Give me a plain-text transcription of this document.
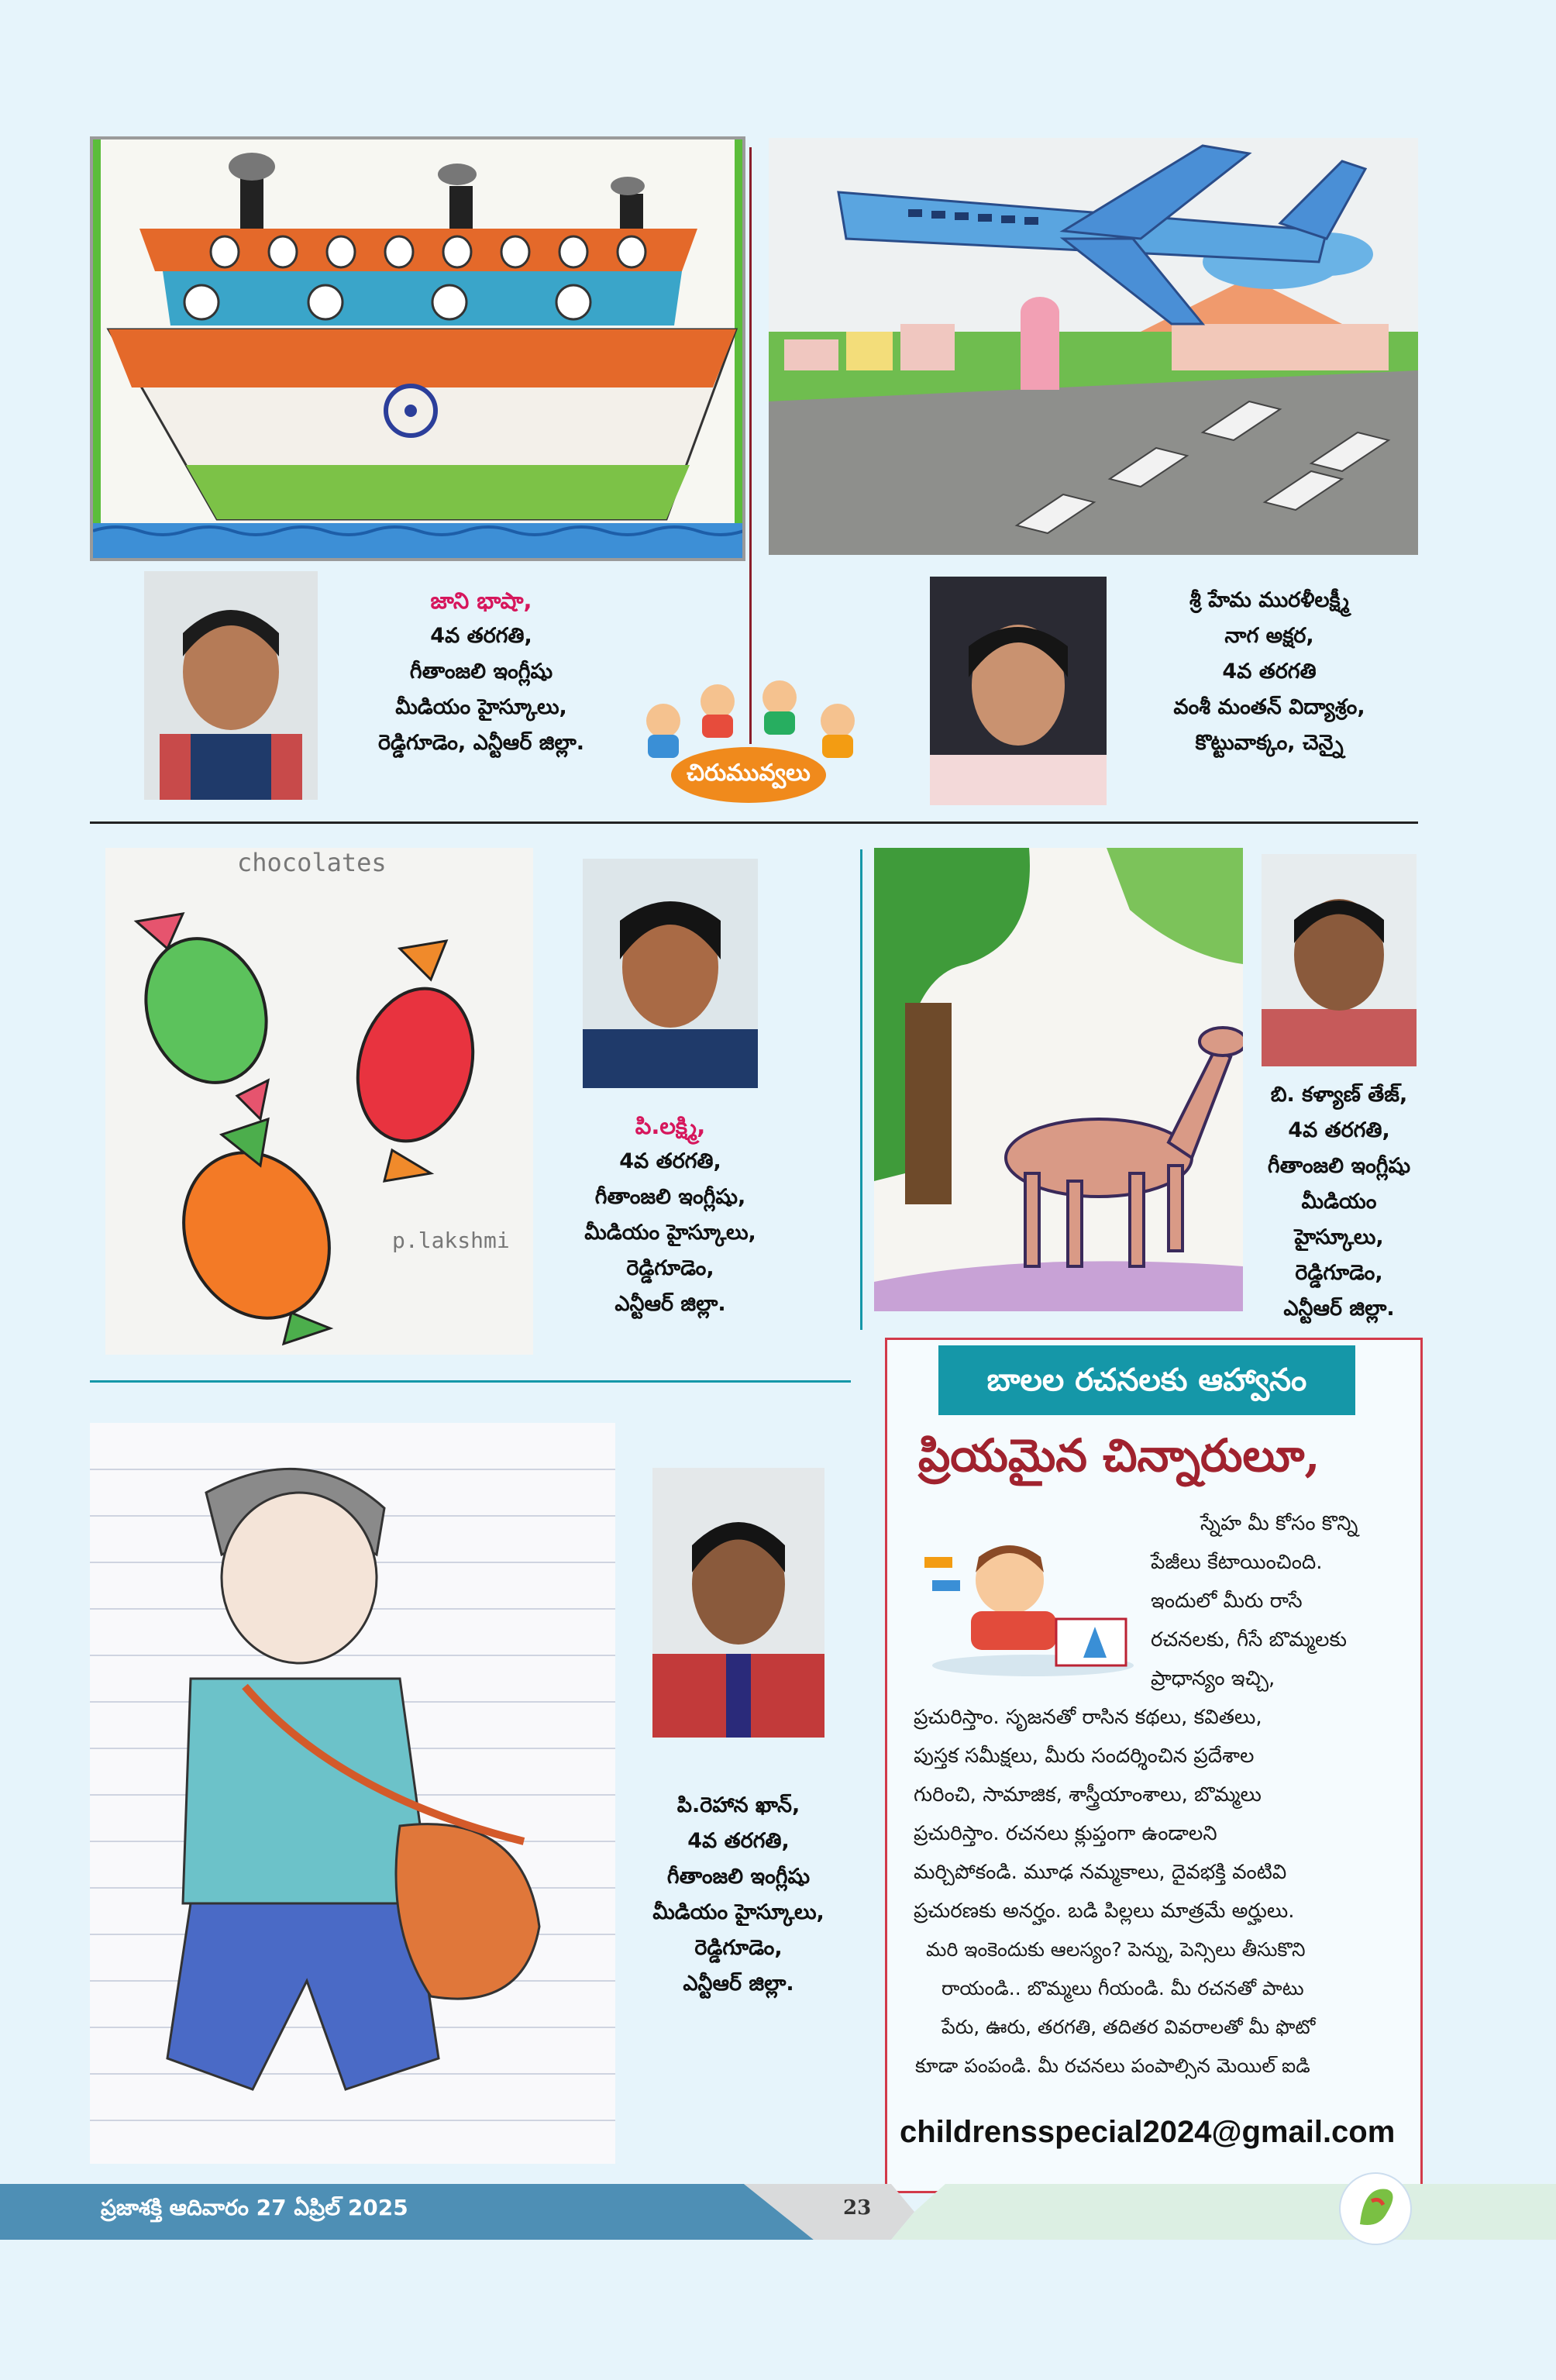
జాని భాషా,
4వ తరగతి,
గీతాంజలి ఇంగ్లీషు
మీడియం హైస్కూలు,
రెడ్డిగూడెం, ఎన్టీఆర్ జిల్లా.
చిరుమువ్వలు
శ్రీ హేమ మురళీలక్ష్మీ
నాగ అక్షర,
4వ తరగతి
వంశీ మంతన్ విద్యాశ్రం,
కొట్టువాక్కం, చెన్నై
chocolates
p.lakshmi
పి.లక్ష్మి,
4వ తరగతి,
గీతాంజలి ఇంగ్లీషు,
మీడియం హైస్కూలు,
రెడ్డిగూడెం,
ఎన్టీఆర్ జిల్లా.
బి. కళ్యాణ్ తేజ్,
4వ తరగతి,
గీతాంజలి ఇంగ్లీషు
మీడియం
హైస్కూలు,
రెడ్డిగూడెం,
ఎన్టీఆర్ జిల్లా.
పి.రెహాన ఖాన్,
4వ తరగతి,
గీతాంజలి ఇంగ్లీషు
మీడియం హైస్కూలు,
రెడ్డిగూడెం,
ఎన్టీఆర్ జిల్లా.
బాలల రచనలకు ఆహ్వానం
ప్రియమైన చిన్నారులూ,
స్నేహ మీ కోసం కొన్ని
పేజీలు కేటాయించింది.
ఇందులో మీరు రాసే
రచనలకు, గీసే బొమ్మలకు
ప్రాధాన్యం ఇచ్చి,
ప్రచురిస్తాం. సృజనతో రాసిన కథలు, కవితలు,
పుస్తక సమీక్షలు, మీరు సందర్శించిన ప్రదేశాల
గురించి, సామాజిక, శాస్త్రీయాంశాలు, బొమ్మలు
ప్రచురిస్తాం. రచనలు క్లుప్తంగా ఉండాలని
మర్చిపోకండి. మూఢ నమ్మకాలు, దైవభక్తి వంటివి
ప్రచురణకు అనర్హం. బడి పిల్లలు మాత్రమే అర్హులు.
మరి ఇంకెందుకు ఆలస్యం? పెన్ను, పెన్సిలు తీసుకొని
రాయండి.. బొమ్మలు గీయండి. మీ రచనతో పాటు
పేరు, ఊరు, తరగతి, తదితర వివరాలతో మీ ఫొటో
కూడా పంపండి. మీ రచనలు పంపాల్సిన మెయిల్ ఐడి
childrensspecial2024@gmail.com
ప్రజాశక్తి ఆదివారం 27 ఏప్రిల్ 2025	23
